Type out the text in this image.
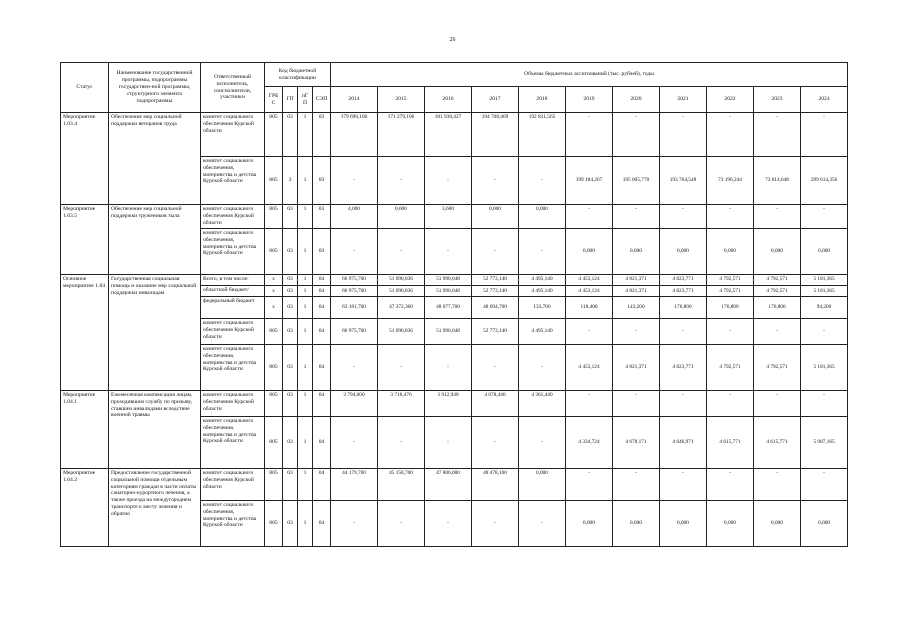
26
Статус	Наименование государственной программы, подпрограммы государствен-ной программы, структурного элемента подпрограммы	Ответственный исполнитель, соисполнители, участники	Код бюджетной классификации				Объемы бюджетных ассигнований (тыс. рублей), годы										
			ГРБС	ГП	пГП	СЭП	2014	2015	2016	2017	2018	2019	2020	2021	2022	2023	2024
Мероприятие 1.03.4	Обеспечение мер социальной поддержки ветеранов труда	комитет социального обеспечения Курской области	805	03	1	03	179 696,100	171 279,106	181 938,427	194 708,469	192 831,565	-	-	-	-	-	-
		комитет социального обеспечения, материнства и детства Курской области	805	3	1	03	-	-	-	-	-	199 184,267	195 005,770	193 764,548	73 196,244	73 014,648	299 614,356
Мероприятие 1.03.5	Обеспечение мер социальной поддержки тружеников тыла	комитет социального обеспечения Курской области	805	03	1	03	4,000	0,000	3,600	0,000	0,000	-	-	-	-	-	-
		комитет социального обеспечения, материнства и детства Курской области	805	03	1	03	-	-	-	-	-	0,000	0,000	0,000	0,000	0,000	0,000
Основное мероприятие 1.04	Государственная социальная помощь и оказание мер социальной поддержки инвалидам	Всего, в том числе:	х	03	1	04	66 975,700	51 090,836	51 990,648	52 773,140	4 495,140	4 453,124	4 821,371	4 823,771	4 792,571	4 792,571	5 181,365
		областной бюджет/	х	03	1	04	66 975,700	51 090,836	51 990,648	52 773,140	4 495,140	4 453,124	4 821,371	4 823,771	4 792,571	4 792,571	5 181,365
		федеральный бюджет	х	03	1	04	63 181,700	47 372,360	48 077,700	48 694,700	133,700	118,400	143,200	176,800	176,800	176,800	94,200
		комитет социального обеспечения Курской области	805	03	1	04	66 975,700	51 090,836	51 990,648	52 773,140	4 495,140	-	-	-	-	-	-
		комитет социального обеспечения, материнства и детства Курской области	805	03	1	04	-	-	-	-	-	4 453,124	4 821,371	4 823,771	4 792,571	4 792,571	5 181,365
Мероприятие 1.04.1	Ежемесячная компенсация лицам, проходившим службу по призыву, ставшим инвалидами вследствие военной травмы	комитет социального обеспечения Курской области	805	03	1	04	3 794,000	3 718,476	3 912,948	4 078,440	4 361,440	-	-	-	-	-	-
		комитет социального обеспечения, материнства и детства Курской области	805	03	1	04	-	-	-	-	-	4 334,724	4 678,171	4 646,971	4 615,771	4 615,771	5 087,165
Мероприятие 1.04.2	Предоставление государственной социальной помощи отдельным категориям граждан в части оплаты санаторно-курортного лечения, а также проезда на междугороднем транспорте к месту лечения и обратно	комитет социального обеспечения Курской области	805	03	1	04	44 179,700	45 158,700	47 806,000	48 478,100	0,000	-	-	-	-	-	-
		комитет социального обеспечения, материнства и детства Курской области	805	03	1	04	-	-	-	-	-	0,000	0,000	0,000	0,000	0,000	0,000
